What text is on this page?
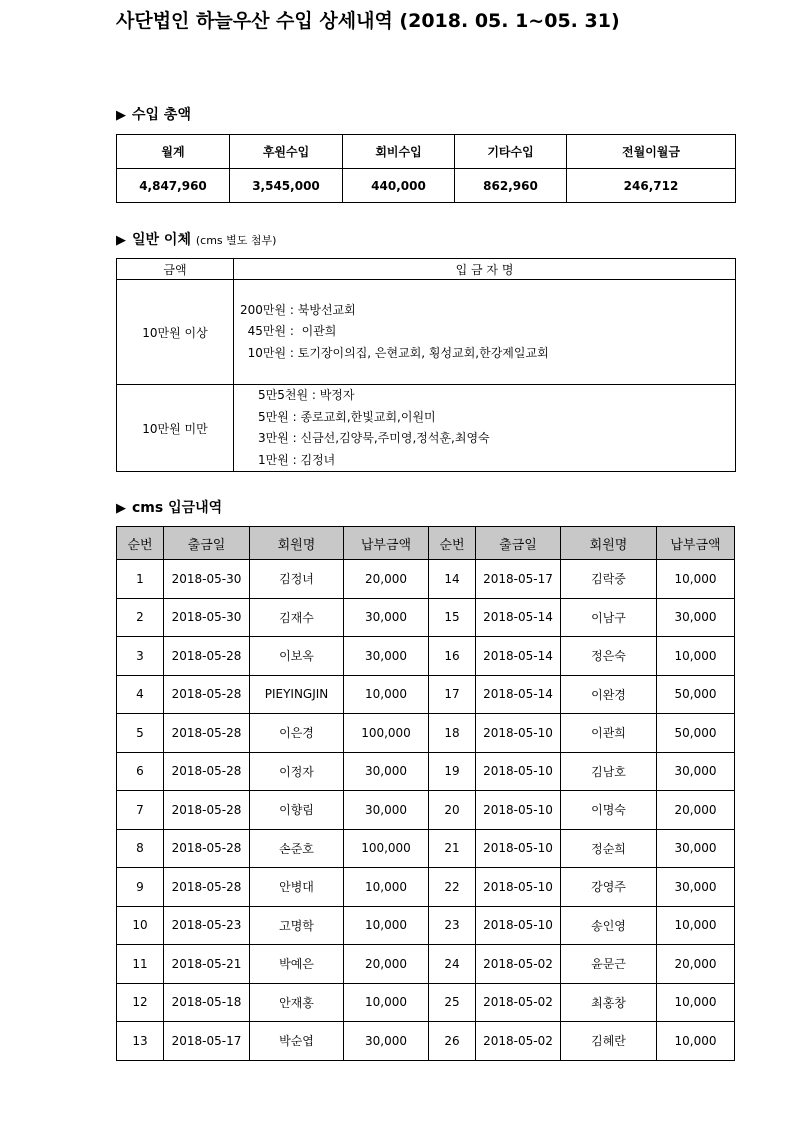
사단법인 하늘우산 수입 상세내역 (2018. 05. 1~05. 31)
▶ 수입 총액
월계	후원수입	회비수입	기타수입	전월이월금
4,847,960	3,545,000	440,000	862,960	246,712
▶ 일반 이체 (cms 별도 첨부)
금액	입 금 자 명
10만원 이상	200만원 : 북방선교회
45만원 :  이관희
10만원 : 토기장이의집, 은현교회, 횡성교회,한강제일교회

10만원 미만	5만5천원 : 박정자
5만원 : 종로교회,한빛교회,이원미
3만원 : 신금선,김양묵,주미영,정석훈,최영숙
1만원 : 김정녀
▶ cms 입금내역
순번	출금일	회원명	납부금액	순번	출금일	회원명	납부금액
1	2018-05-30	김정녀	20,000	14	2018-05-17	김락중	10,000
2	2018-05-30	김재수	30,000	15	2018-05-14	이남구	30,000
3	2018-05-28	이보옥	30,000	16	2018-05-14	정은숙	10,000
4	2018-05-28	PIEYINGJIN	10,000	17	2018-05-14	이완경	50,000
5	2018-05-28	이은경	100,000	18	2018-05-10	이관희	50,000
6	2018-05-28	이정자	30,000	19	2018-05-10	김남호	30,000
7	2018-05-28	이향림	30,000	20	2018-05-10	이명숙	20,000
8	2018-05-28	손준호	100,000	21	2018-05-10	정순희	30,000
9	2018-05-28	안병대	10,000	22	2018-05-10	강영주	30,000
10	2018-05-23	고명학	10,000	23	2018-05-10	송인영	10,000
11	2018-05-21	박예은	20,000	24	2018-05-02	윤문근	20,000
12	2018-05-18	안재홍	10,000	25	2018-05-02	최홍창	10,000
13	2018-05-17	박순엽	30,000	26	2018-05-02	김혜란	10,000
